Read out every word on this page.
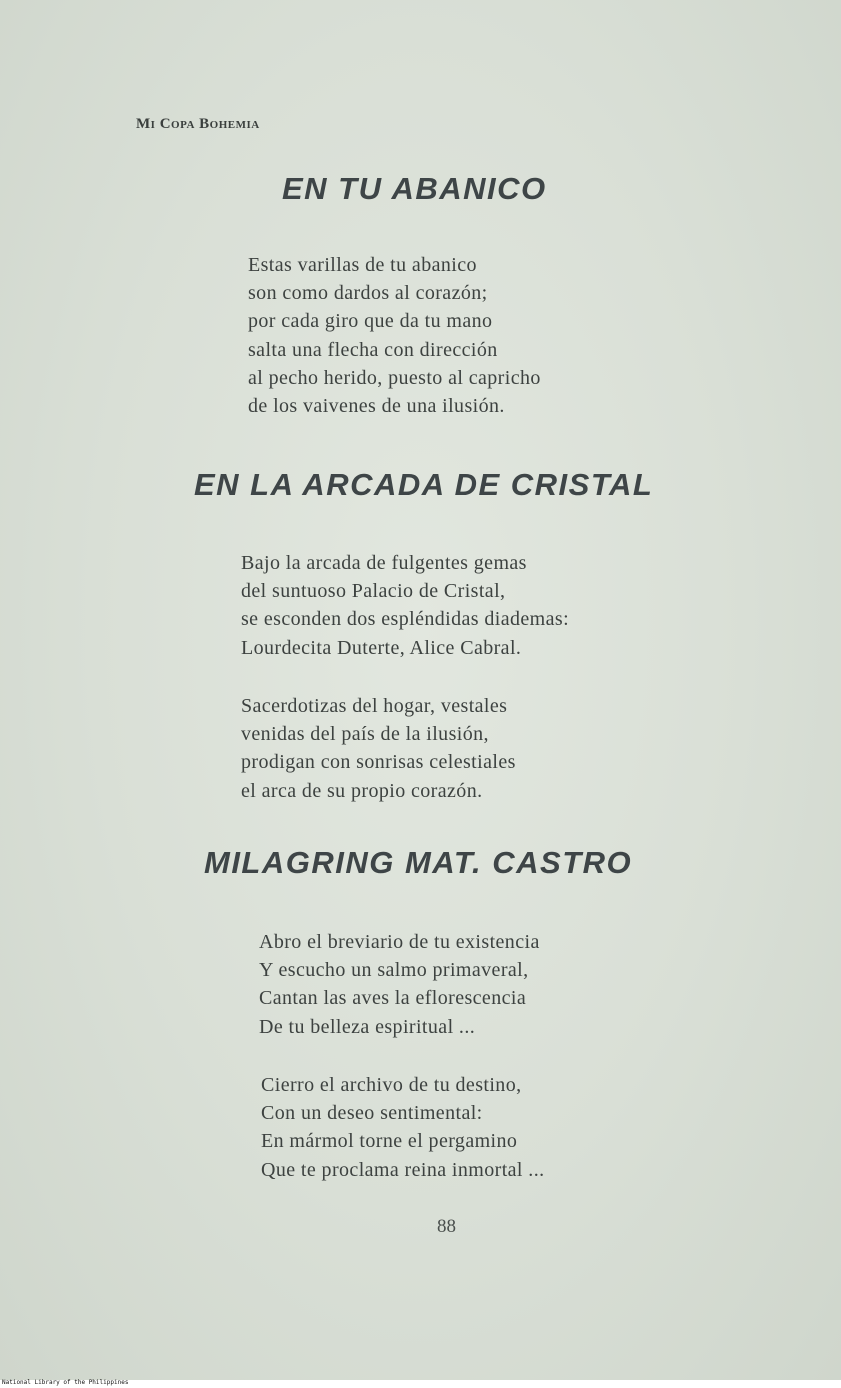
Mi Copa Bohemia
EN TU ABANICO
Estas varillas de tu abanico
son como dardos al corazón;
por cada giro que da tu mano
salta una flecha con dirección
al pecho herido, puesto al capricho
de los vaivenes de una ilusión.
EN LA ARCADA DE CRISTAL
Bajo la arcada de fulgentes gemas
del suntuoso Palacio de Cristal,
se esconden dos espléndidas diademas:
Lourdecita Duterte, Alice Cabral.
Sacerdotizas del hogar, vestales
venidas del país de la ilusión,
prodigan con sonrisas celestiales
el arca de su propio corazón.
MILAGRING MAT. CASTRO
Abro el breviario de tu existencia
Y escucho un salmo primaveral,
Cantan las aves la eflorescencia
De tu belleza espiritual ...
Cierro el archivo de tu destino,
Con un deseo sentimental:
En mármol torne el pergamino
Que te proclama reina inmortal ...
88
National Library of the Philippines
